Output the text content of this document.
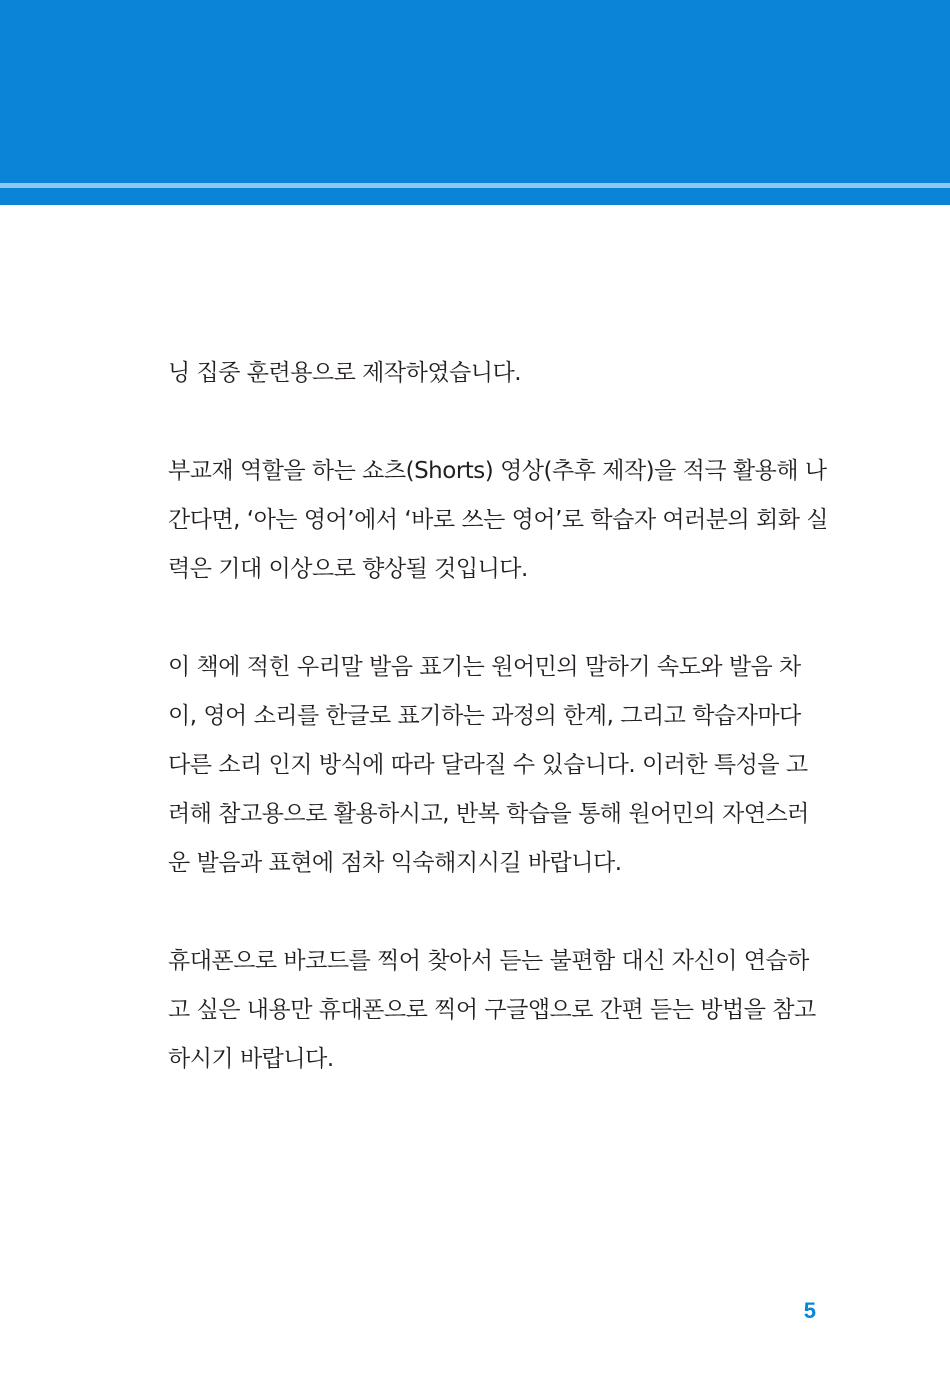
닝 집중 훈련용으로 제작하였습니다.
부교재 역할을 하는 쇼츠(Shorts) 영상(추후 제작)을 적극 활용해 나
간다면, ‘아는 영어’에서 ‘바로 쓰는 영어’로 학습자 여러분의 회화 실
력은 기대 이상으로 향상될 것입니다.
이 책에 적힌 우리말 발음 표기는 원어민의 말하기 속도와 발음 차
이, 영어 소리를 한글로 표기하는 과정의 한계, 그리고 학습자마다
다른 소리 인지 방식에 따라 달라질 수 있습니다. 이러한 특성을 고
려해 참고용으로 활용하시고, 반복 학습을 통해 원어민의 자연스러
운 발음과 표현에 점차 익숙해지시길 바랍니다.
휴대폰으로 바코드를 찍어 찾아서 듣는 불편함 대신 자신이 연습하
고 싶은 내용만 휴대폰으로 찍어 구글앱으로 간편 듣는 방법을 참고
하시기 바랍니다.
5
